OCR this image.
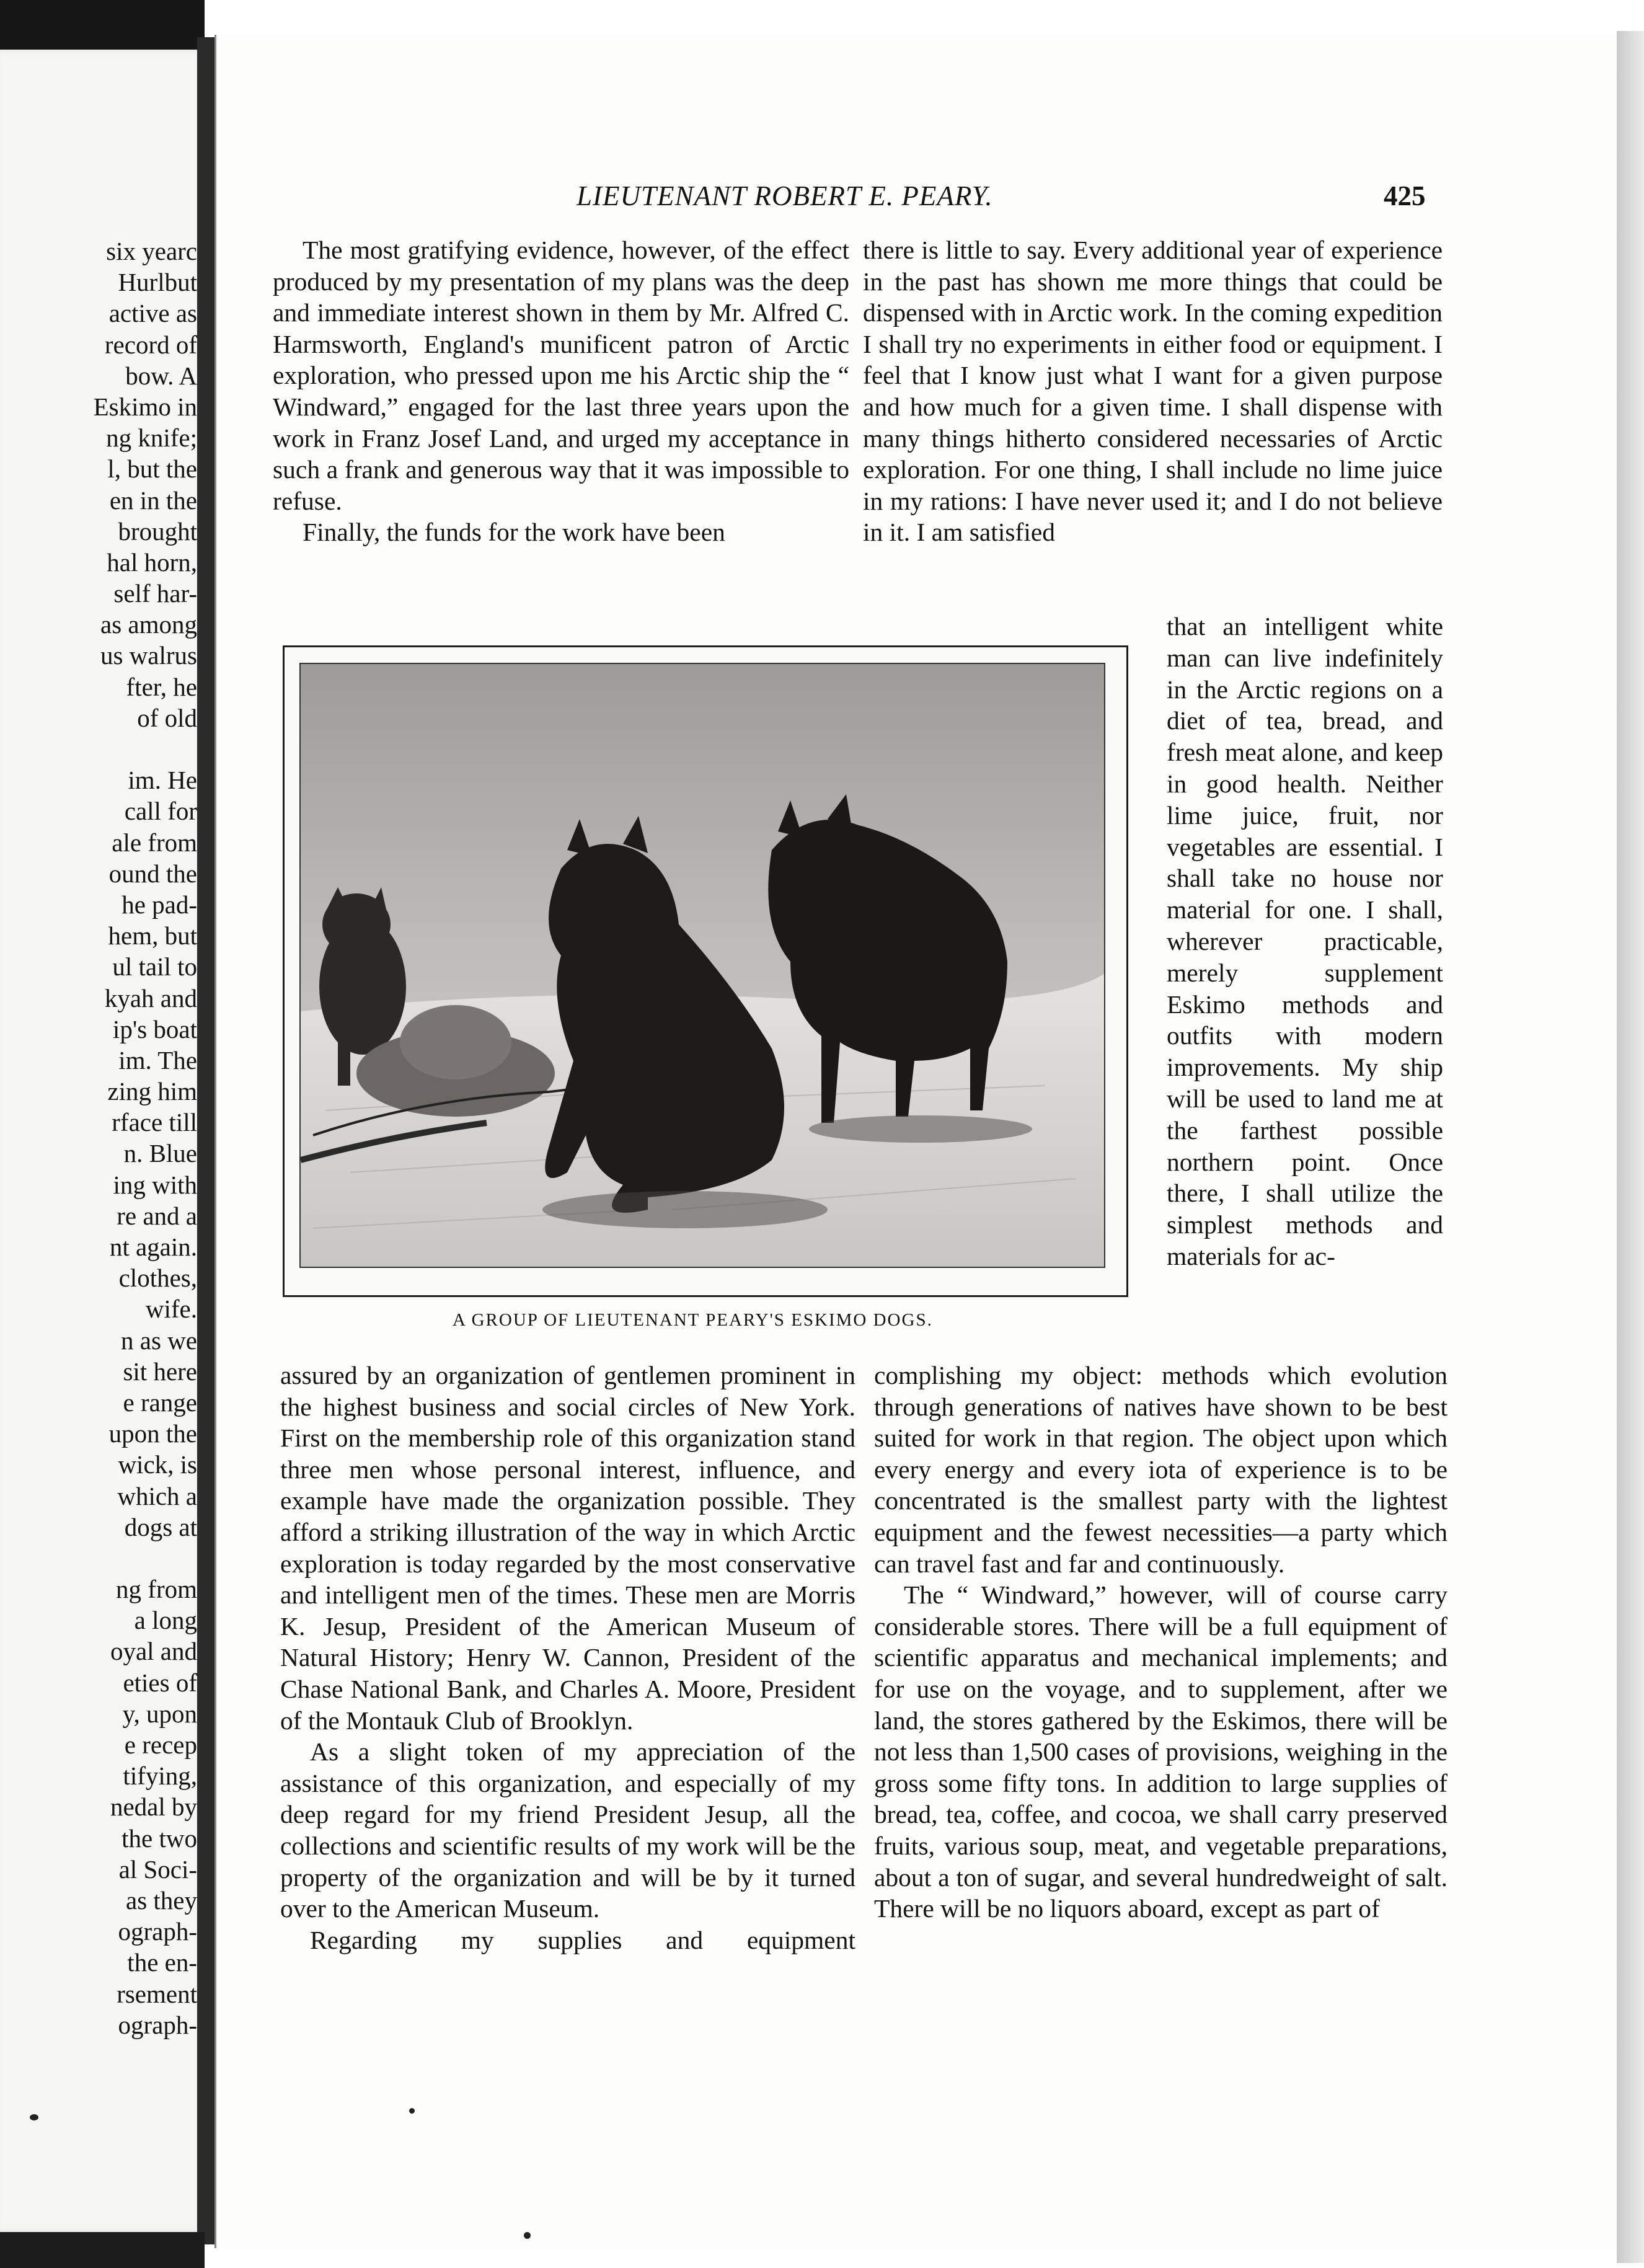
six yearc
Hurlbut
active as
record of
bow. A
Eskimo in
ng knife;
l, but the
en in the
brought
hal horn,
self har-
as among
us walrus
fter, he
of old
im. He
call for
ale from
ound the
he pad-
hem, but
ul tail to
kyah and
ip's boat
im. The
zing him
rface till
n. Blue
ing with
re and a
nt again.
clothes,
wife.
n as we
sit here
e range
upon the
wick, is
which a
dogs at
ng from
a long
oyal and
eties of
y, upon
e recep
tifying,
nedal by
the two
al Soci-
as they
ograph-
the en-
rsement
ograph-
LIEUTENANT ROBERT E. PEARY.	425

The most gratifying evidence, however, of the effect produced by my presentation of my plans was the deep and immediate interest shown in them by Mr. Alfred C. Harmsworth, England's munificent patron of Arctic exploration, who pressed upon me his Arctic ship the “ Windward,” engaged for the last three years upon the work in Franz Josef Land, and urged my acceptance in such a frank and generous way that it was impossible to refuse.

Finally, the funds for the work have been

there is little to say. Every additional year of experience in the past has shown me more things that could be dispensed with in Arctic work. In the coming expedition I shall try no experiments in either food or equipment. I feel that I know just what I want for a given purpose and how much for a given time. I shall dispense with many things hitherto considered necessaries of Arctic exploration. For one thing, I shall include no lime juice in my rations: I have never used it; and I do not believe in it. I am satisfied

that an intelligent white man can live indefinitely in the Arctic regions on a diet of tea, bread, and fresh meat alone, and keep in good health. Neither lime juice, fruit, nor vegetables are essential. I shall take no house nor material for one. I shall, wherever practicable, merely supplement Eskimo methods and outfits with modern improvements. My ship will be used to land me at the farthest possible northern point. Once there, I shall utilize the simplest methods and materials for ac-

A GROUP OF LIEUTENANT PEARY'S ESKIMO DOGS.

assured by an organization of gentlemen prominent in the highest business and social circles of New York. First on the membership role of this organization stand three men whose personal interest, influence, and example have made the organization possible. They afford a striking illustration of the way in which Arctic exploration is today regarded by the most conservative and intelligent men of the times. These men are Morris K. Jesup, President of the American Museum of Natural History; Henry W. Cannon, President of the Chase National Bank, and Charles A. Moore, President of the Montauk Club of Brooklyn.

As a slight token of my appreciation of the assistance of this organization, and especially of my deep regard for my friend President Jesup, all the collections and scientific results of my work will be the property of the organization and will be by it turned over to the American Museum.

Regarding my supplies and equipment

complishing my object: methods which evolution through generations of natives have shown to be best suited for work in that region. The object upon which every energy and every iota of experience is to be concentrated is the smallest party with the lightest equipment and the fewest necessities—a party which can travel fast and far and continuously.

The “ Windward,” however, will of course carry considerable stores. There will be a full equipment of scientific apparatus and mechanical implements; and for use on the voyage, and to supplement, after we land, the stores gathered by the Eskimos, there will be not less than 1,500 cases of provisions, weighing in the gross some fifty tons. In addition to large supplies of bread, tea, coffee, and cocoa, we shall carry preserved fruits, various soup, meat, and vegetable preparations, about a ton of sugar, and several hundredweight of salt. There will be no liquors aboard, except as part of
